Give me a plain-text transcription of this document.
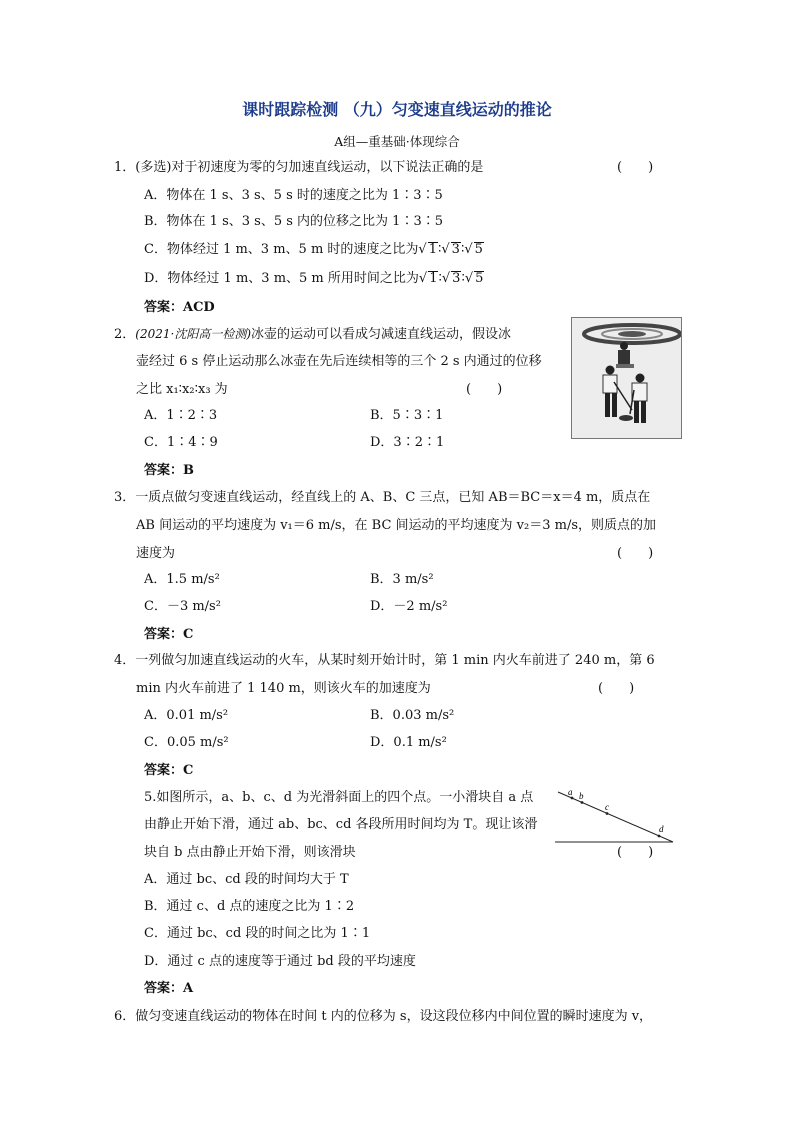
课时跟踪检测 （九）匀变速直线运动的推论
A组—重基础·体现综合
1．(多选)对于初速度为零的匀加速直线运动，以下说法正确的是	(　　)
A．物体在 1 s、3 s、5 s 时的速度之比为 1∶3∶5
B．物体在 1 s、3 s、5 s 内的位移之比为 1∶3∶5
C．物体经过 1 m、3 m、5 m 时的速度之比为√ 1∶√ 3∶√ 5
D．物体经过 1 m、3 m、5 m 所用时间之比为√ 1∶√ 3∶√ 5
答案：ACD
2．(2021·沈阳高一检测)冰壶的运动可以看成匀减速直线运动，假设冰
壶经过 6 s 停止运动那么冰壶在先后连续相等的三个 2 s 内通过的位移
之比 x₁∶x₂∶x₃ 为	(　　)
A．1∶2∶3	B．5∶3∶1
C．1∶4∶9	D．3∶2∶1
答案：B
3．一质点做匀变速直线运动，经直线上的 A、B、C 三点，已知 AB＝BC＝x＝4 m，质点在
AB 间运动的平均速度为 v₁＝6 m/s，在 BC 间运动的平均速度为 v₂＝3 m/s，则质点的加
速度为	(　　)
A．1.5 m/s²	B．3 m/s²
C．－3 m/s²	D．－2 m/s²
答案：C
4．一列做匀加速直线运动的火车，从某时刻开始计时，第 1 min 内火车前进了 240 m，第 6
min 内火车前进了 1 140 m，则该火车的加速度为	(　　)
A．0.01 m/s²	B．0.03 m/s²
C．0.05 m/s²	D．0.1 m/s²
答案：C
5.如图所示，a、b、c、d 为光滑斜面上的四个点。一小滑块自 a 点
由静止开始下滑，通过 ab、bc、cd 各段所用时间均为 T。现让该滑
块自 b 点由静止开始下滑，则该滑块	(　　)
a b
c
d
A．通过 bc、cd 段的时间均大于 T
B．通过 c、d 点的速度之比为 1∶2
C．通过 bc、cd 段的时间之比为 1∶1
D．通过 c 点的速度等于通过 bd 段的平均速度
答案：A
6．做匀变速直线运动的物体在时间 t 内的位移为 s，设这段位移内中间位置的瞬时速度为 v，
